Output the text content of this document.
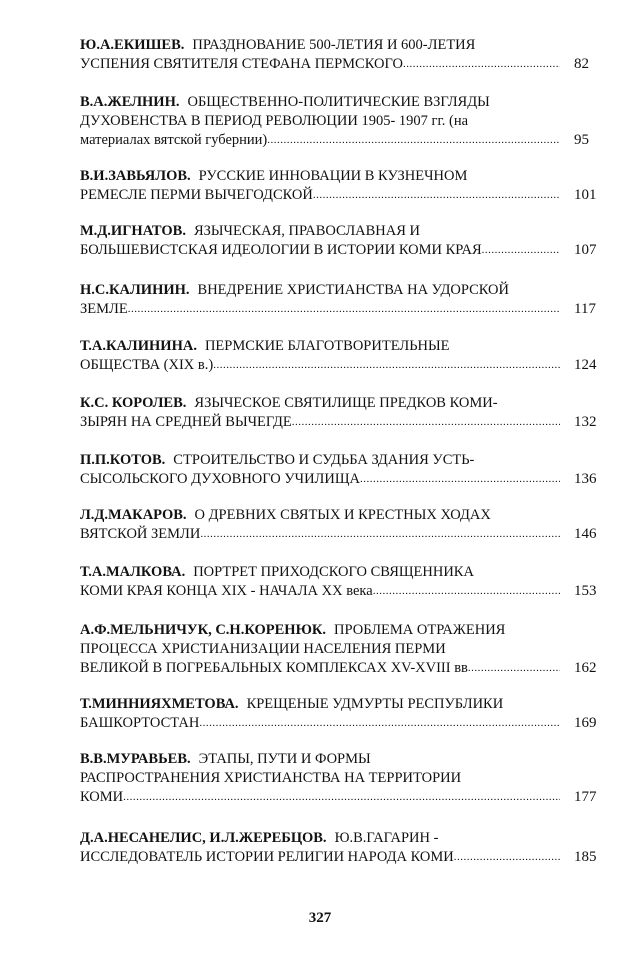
Ю.А.ЕКИШЕВ. ПРАЗДНОВАНИЕ 500-ЛЕТИЯ И 600-ЛЕТИЯ
УСПЕНИЯ СВЯТИТЕЛЯ СТЕФАНА ПЕРМСКОГО .....	82
В.А.ЖЕЛНИН. ОБЩЕСТВЕННО-ПОЛИТИЧЕСКИЕ ВЗГЛЯДЫ
ДУХОВЕНСТВА В ПЕРИОД РЕВОЛЮЦИИ 1905- 1907 гг. (на
материалах вятской губернии) .....	95
В.И.ЗАВЬЯЛОВ. РУССКИЕ ИННОВАЦИИ В КУЗНЕЧНОМ
РЕМЕСЛЕ ПЕРМИ ВЫЧЕГОДСКОЙ .....	101
М.Д.ИГНАТОВ. ЯЗЫЧЕСКАЯ, ПРАВОСЛАВНАЯ И
БОЛЬШЕВИСТСКАЯ ИДЕОЛОГИИ В ИСТОРИИ КОМИ КРАЯ .....	107
Н.С.КАЛИНИН. ВНЕДРЕНИЕ ХРИСТИАНСТВА НА УДОРСКОЙ
ЗЕМЛЕ .....	117
Т.А.КАЛИНИНА. ПЕРМСКИЕ БЛАГОТВОРИТЕЛЬНЫЕ
ОБЩЕСТВА (XIX в.) .....	124
К.С. КОРОЛЕВ. ЯЗЫЧЕСКОЕ СВЯТИЛИЩЕ ПРЕДКОВ КОМИ-
ЗЫРЯН НА СРЕДНЕЙ ВЫЧЕГДЕ .....	132
П.П.КОТОВ. СТРОИТЕЛЬСТВО И СУДЬБА ЗДАНИЯ УСТЬ-
СЫСОЛЬСКОГО ДУХОВНОГО УЧИЛИЩА .....	136
Л.Д.МАКАРОВ. О ДРЕВНИХ СВЯТЫХ И КРЕСТНЫХ ХОДАХ
ВЯТСКОЙ ЗЕМЛИ .....	146
Т.А.МАЛКОВА. ПОРТРЕТ ПРИХОДСКОГО СВЯЩЕННИКА
КОМИ КРАЯ КОНЦА XIX - НАЧАЛА XX века .....	153
А.Ф.МЕЛЬНИЧУК, С.Н.КОРЕНЮК. ПРОБЛЕМА ОТРАЖЕНИЯ
ПРОЦЕССА ХРИСТИАНИЗАЦИИ НАСЕЛЕНИЯ ПЕРМИ
ВЕЛИКОЙ В ПОГРЕБАЛЬНЫХ КОМПЛЕКСАХ XV-XVIII вв .....	162
Т.МИННИЯХМЕТОВА. КРЕЩЕНЫЕ УДМУРТЫ РЕСПУБЛИКИ
БАШКОРТОСТАН .....	169
В.В.МУРАВЬЕВ. ЭТАПЫ, ПУТИ И ФОРМЫ
РАСПРОСТРАНЕНИЯ ХРИСТИАНСТВА НА ТЕРРИТОРИИ
КОМИ .....	177
Д.А.НЕСАНЕЛИС, И.Л.ЖЕРЕБЦОВ. Ю.В.ГАГАРИН -
ИССЛЕДОВАТЕЛЬ ИСТОРИИ РЕЛИГИИ НАРОДА КОМИ .....	185
327
